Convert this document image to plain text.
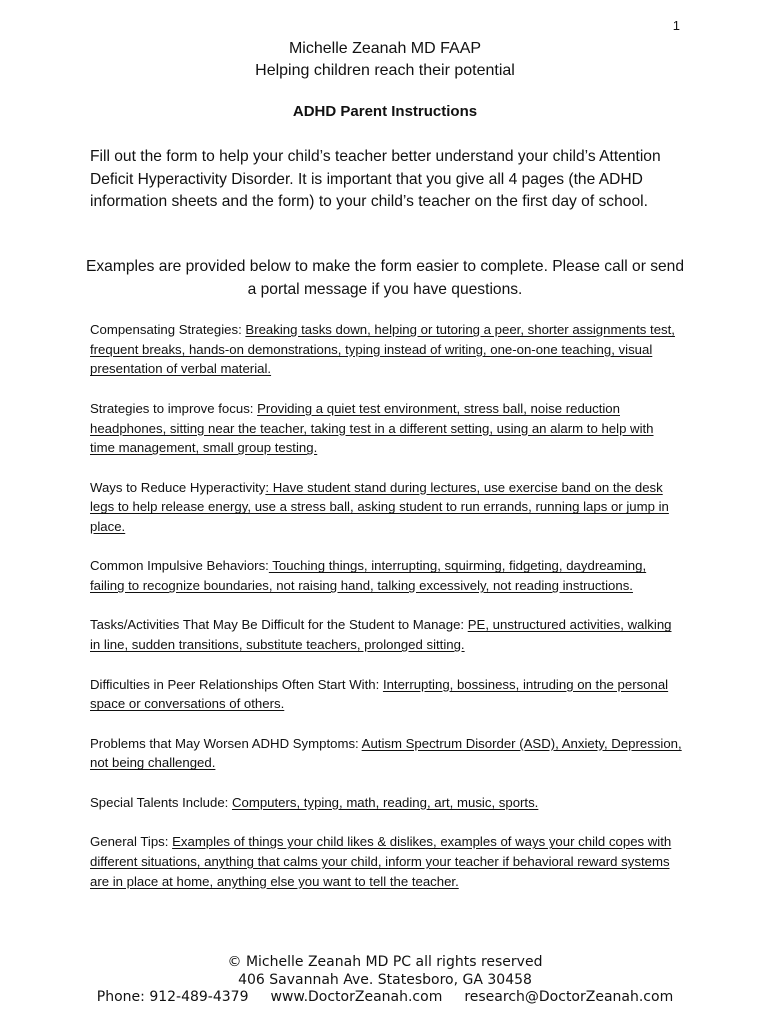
1
Michelle Zeanah MD FAAP
Helping children reach their potential
ADHD Parent Instructions
Fill out the form to help your child’s teacher better understand your child’s Attention Deficit Hyperactivity Disorder. It is important that you give all 4 pages (the ADHD information sheets and the form) to your child’s teacher on the first day of school.
Examples are provided below to make the form easier to complete. Please call or send a portal message if you have questions.

Compensating Strategies: Breaking tasks down, helping or tutoring a peer, shorter assignments test, frequent breaks, hands-on demonstrations, typing instead of writing, one-on-one teaching, visual presentation of verbal material.

Strategies to improve focus: Providing a quiet test environment, stress ball, noise reduction headphones, sitting near the teacher, taking test in a different setting, using an alarm to help with time management, small group testing.

Ways to Reduce Hyperactivity: Have student stand during lectures, use exercise band on the desk legs to help release energy, use a stress ball, asking student to run errands, running laps or jump in place.

Common Impulsive Behaviors: Touching things, interrupting, squirming, fidgeting, daydreaming, failing to recognize boundaries, not raising hand, talking excessively, not reading instructions.

Tasks/Activities That May Be Difficult for the Student to Manage: PE, unstructured activities, walking in line, sudden transitions, substitute teachers, prolonged sitting.

Difficulties in Peer Relationships Often Start With: Interrupting, bossiness, intruding on the personal space or conversations of others.

Problems that May Worsen ADHD Symptoms: Autism Spectrum Disorder (ASD), Anxiety, Depression, not being challenged.

Special Talents Include: Computers, typing, math, reading, art, music, sports.

General Tips: Examples of things your child likes & dislikes, examples of ways your child copes with different situations, anything that calms your child, inform your teacher if behavioral reward systems are in place at home, anything else you want to tell the teacher.

© Michelle Zeanah MD PC all rights reserved
406 Savannah Ave. Statesboro, GA 30458
Phone: 912-489-4379 www.DoctorZeanah.com research@DoctorZeanah.com
